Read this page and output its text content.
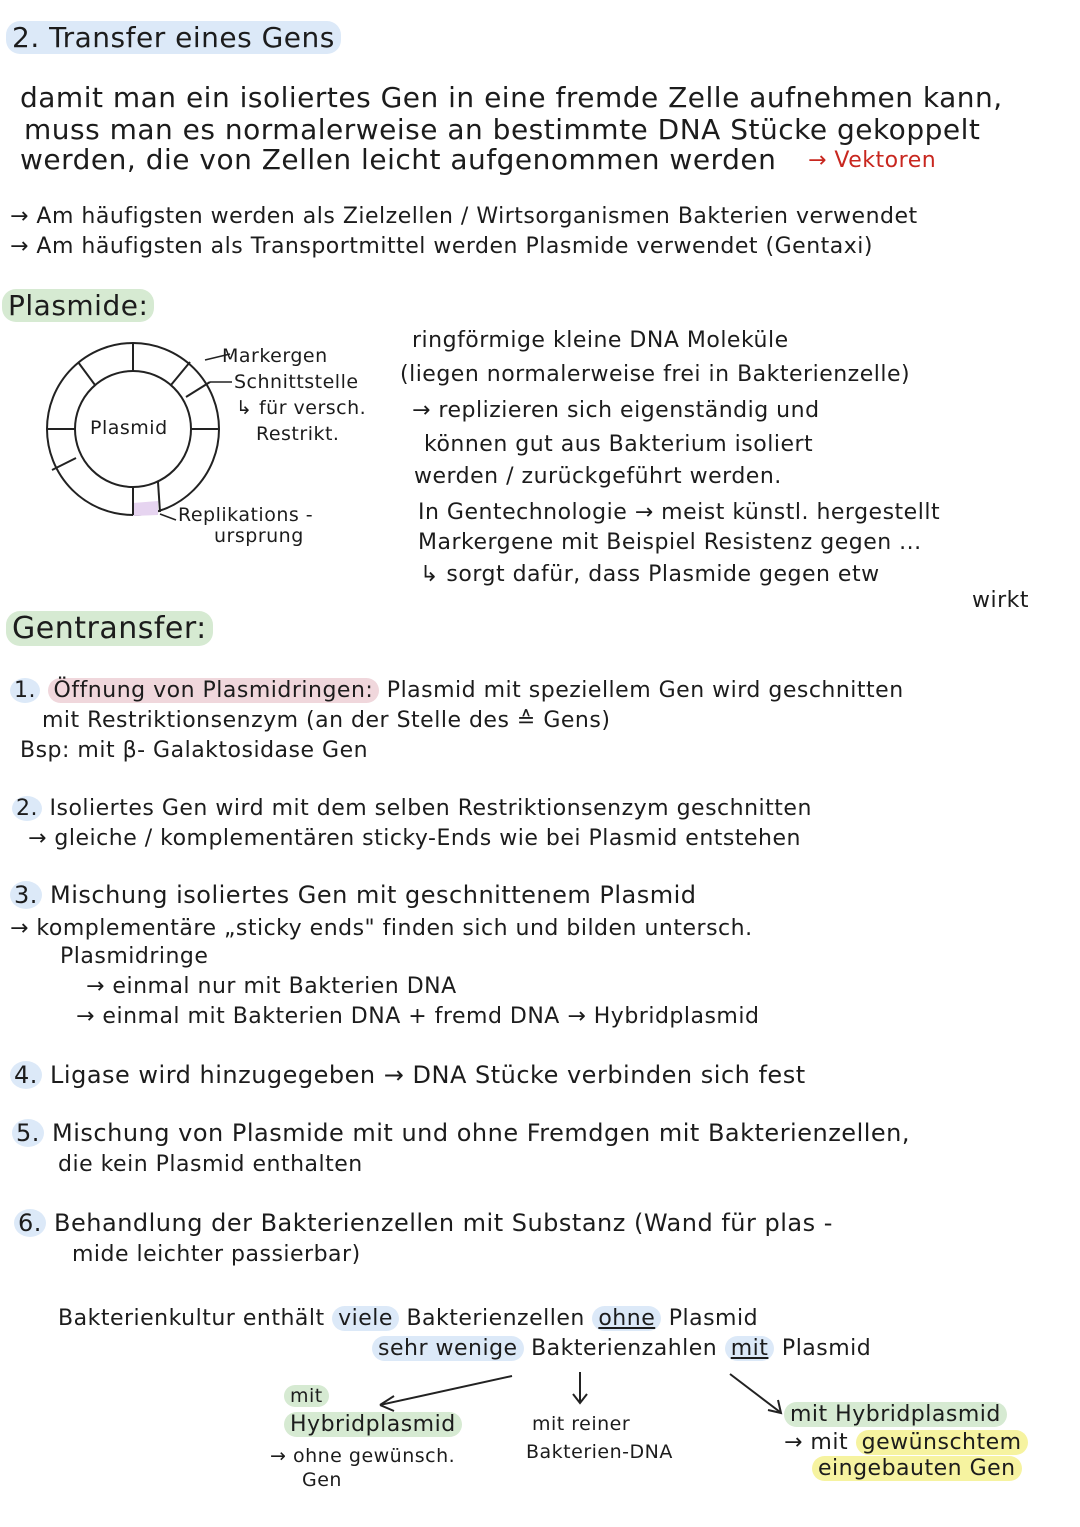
2. Transfer eines Gens
damit man ein isoliertes Gen in eine fremde Zelle aufnehmen kann,
muss man es normalerweise an bestimmte DNA Stücke gekoppelt
werden, die von Zellen leicht aufgenommen werden → Vektoren
→ Am häufigsten werden als Zielzellen / Wirtsorganismen Bakterien verwendet
→ Am häufigsten als Transportmittel werden Plasmide verwendet (Gentaxi)
Plasmide:
Plasmid
Markergen
Schnittstelle
↳ für versch.
Restrikt.
Replikations -
ursprung
ringförmige kleine DNA Moleküle
(liegen normalerweise frei in Bakterienzelle)
→ replizieren sich eigenständig und
können gut aus Bakterium isoliert
werden / zurückgeführt werden.
In Gentechnologie → meist künstl. hergestellt
Markergene mit Beispiel Resistenz gegen ...
↳ sorgt dafür, dass Plasmide gegen etw
wirkt
Gentransfer:
1. Öffnung von Plasmidringen: Plasmid mit speziellem Gen wird geschnitten
mit Restriktionsenzym (an der Stelle des ≙ Gens)
Bsp: mit β- Galaktosidase Gen
2. Isoliertes Gen wird mit dem selben Restriktionsenzym geschnitten
→ gleiche / komplementären sticky-Ends wie bei Plasmid entstehen
3. Mischung isoliertes Gen mit geschnittenem Plasmid
→ komplementäre „sticky ends" finden sich und bilden untersch.
Plasmidringe
→ einmal nur mit Bakterien DNA
→ einmal mit Bakterien DNA + fremd DNA → Hybridplasmid
4. Ligase wird hinzugegeben → DNA Stücke verbinden sich fest
5. Mischung von Plasmide mit und ohne Fremdgen mit Bakterienzellen,
die kein Plasmid enthalten
6. Behandlung der Bakterienzellen mit Substanz (Wand für plas -
mide leichter passierbar)
Bakterienkultur enthält viele Bakterienzellen ohne Plasmid
sehr wenige Bakterienzahlen mit Plasmid
mit
Hybridplasmid
→ ohne gewünsch.
Gen
mit reiner
Bakterien-DNA
mit Hybridplasmid
→ mit gewünschtem
eingebauten Gen
